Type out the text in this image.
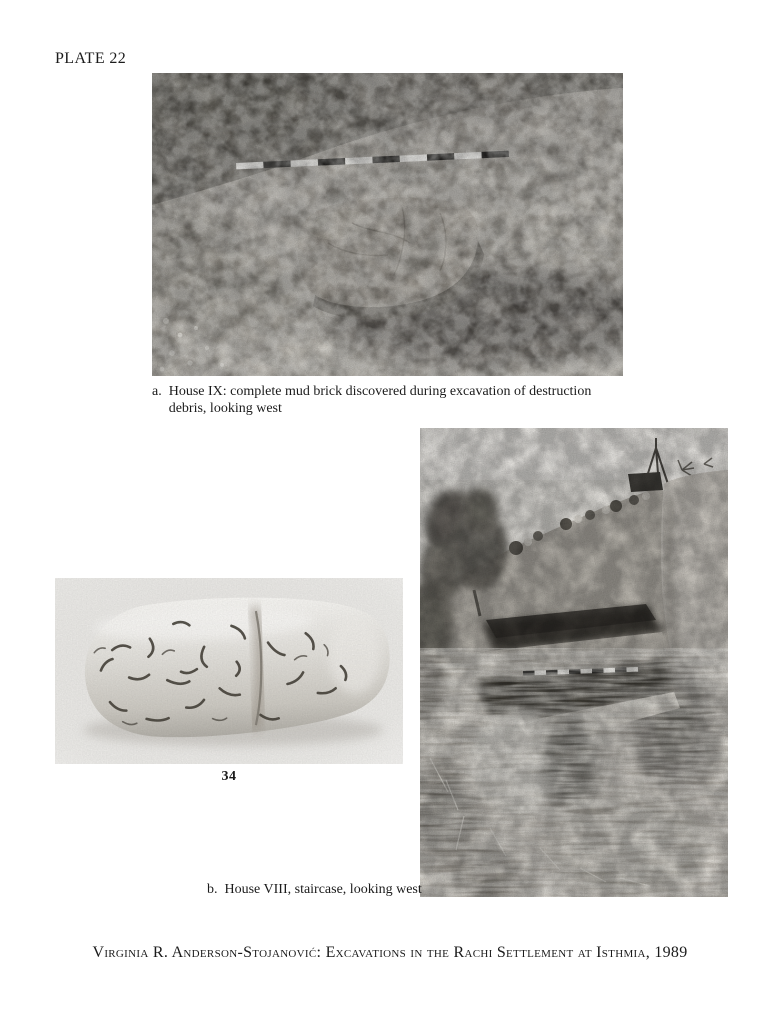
PLATE 22
a. House IX: complete mud brick discovered during excavation of destruction
debris, looking west
34
b. House VIII, staircase, looking west
Virginia R. Anderson-Stojanović: Excavations in the Rachi Settlement at Isthmia, 1989
